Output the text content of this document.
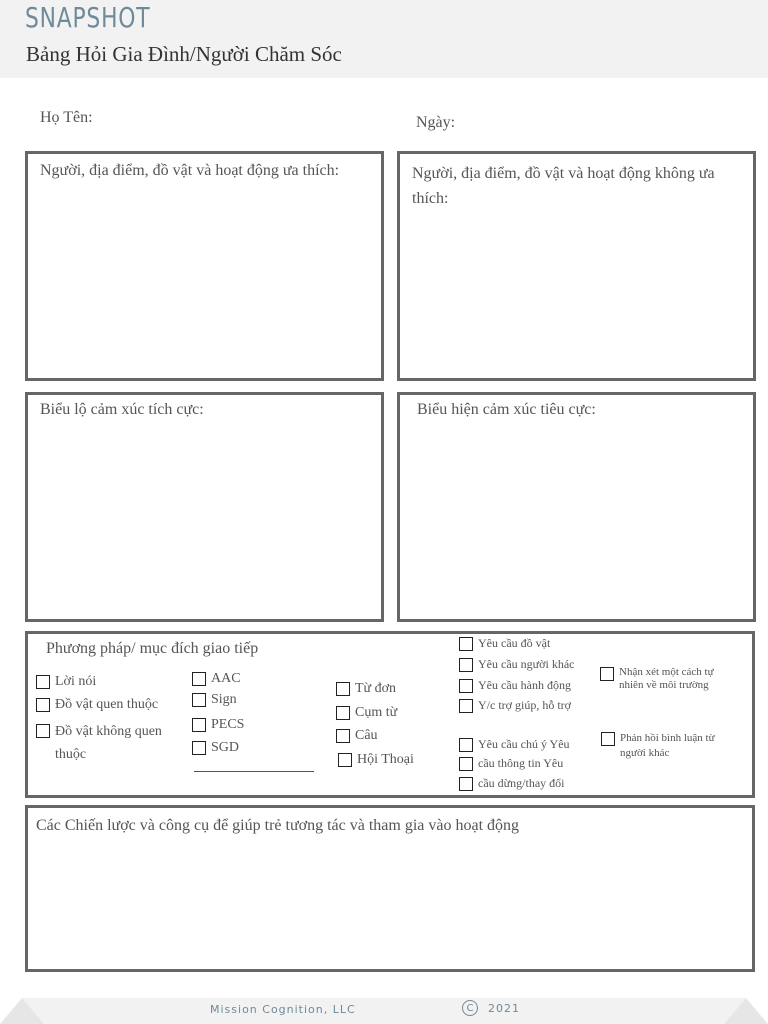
SNAPSHOT
Bảng Hỏi Gia Đình/Người Chăm Sóc
Họ Tên:	Ngày:
Người, địa điểm, đồ vật và hoạt động ưa thích:	Người, địa điểm, đồ vật và hoạt động không ưa thích:
Biểu lộ cảm xúc tích cực:	Biểu hiện cảm xúc tiêu cực:
Phương pháp/ mục đích giao tiếp
Lời nói
Đồ vật quen thuộc
Đồ vật không quen thuộc
AAC
Sign
PECS
SGD
Từ đơn
Cụm từ
Câu
Hội Thoại
Yêu cầu đồ vật
Yêu cầu người khác
Yêu cầu hành động
Y/c trợ giúp, hỗ trợ
Yêu cầu chú ý Yêu
cầu thông tin Yêu
cầu dừng/thay đổi
Nhận xét một cách tự nhiên về môi trường
Phản hồi bình luận từ người khác
Các Chiến lược và công cụ để giúp trẻ tương tác và tham gia vào hoạt động
Mission Cognition, LLC	C	2021
